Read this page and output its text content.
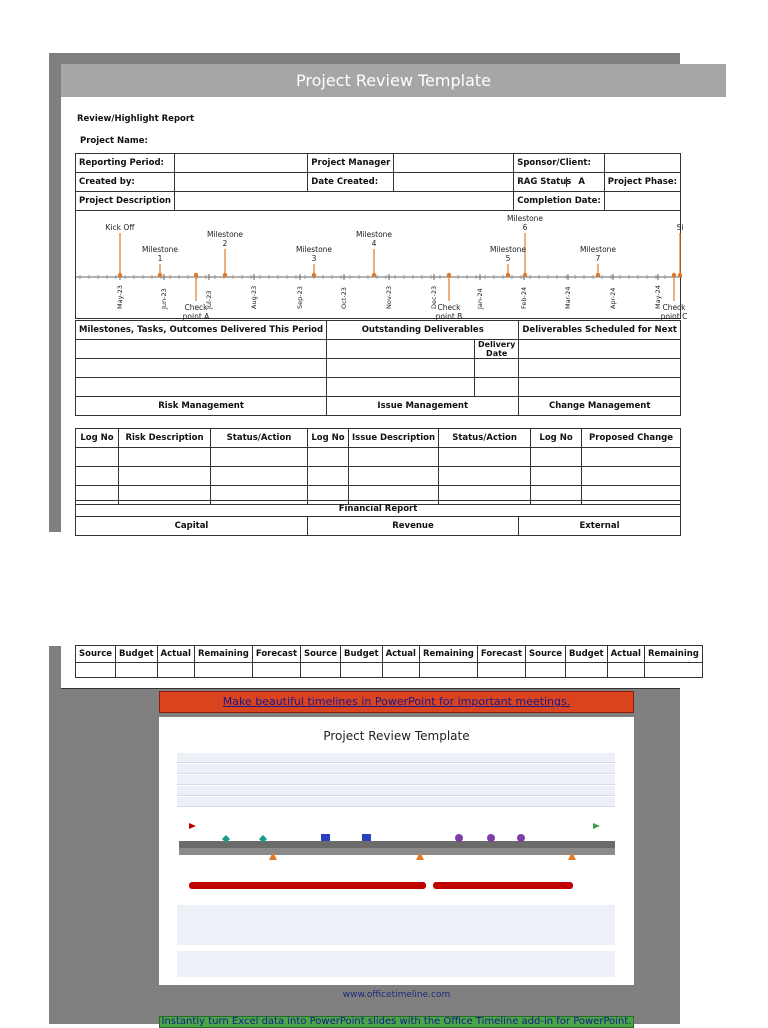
Project Review Template
Review/Highlight Report
Project Name:
Reporting Period:		Project Manager		Sponsor/Client:	
Created by:		Date Created:		RAG Status A	Project Phase:
Project Description				Completion Date:	
May-23	Jun-23	Jul-23	Aug-23	Sep-23	Oct-23	Nov-23	Dec-23	Jan-24	Feb-24	Mar-24	Apr-24	May-24
Kick Off
Milestone
1
Milestone
2
Milestone
3
Milestone
4
Milestone
5
Milestone
6
Milestone
7
Si
Check
point A
Check
point B
Check
point C
Milestones, Tasks, Outcomes Delivered This Period	Outstanding Deliverables		Deliverables Scheduled for Next
		Delivery Date	

Risk Management	Issue Management		Change Management
Log No	Risk Description	Status/Action	Log No	Issue Description	Status/Action	Log No	Proposed Change

Financial Report
Capital	Revenue	External
Source	Budget	Actual	Remaining	Forecast	Source	Budget	Actual	Remaining	Forecast	Source	Budget	Actual	Remaining

Make beautiful timelines in PowerPoint for important meetings.
Project Review Template
www.officetimeline.com
Instantly turn Excel data into PowerPoint slides with the Office Timeline add-in for PowerPoint.
